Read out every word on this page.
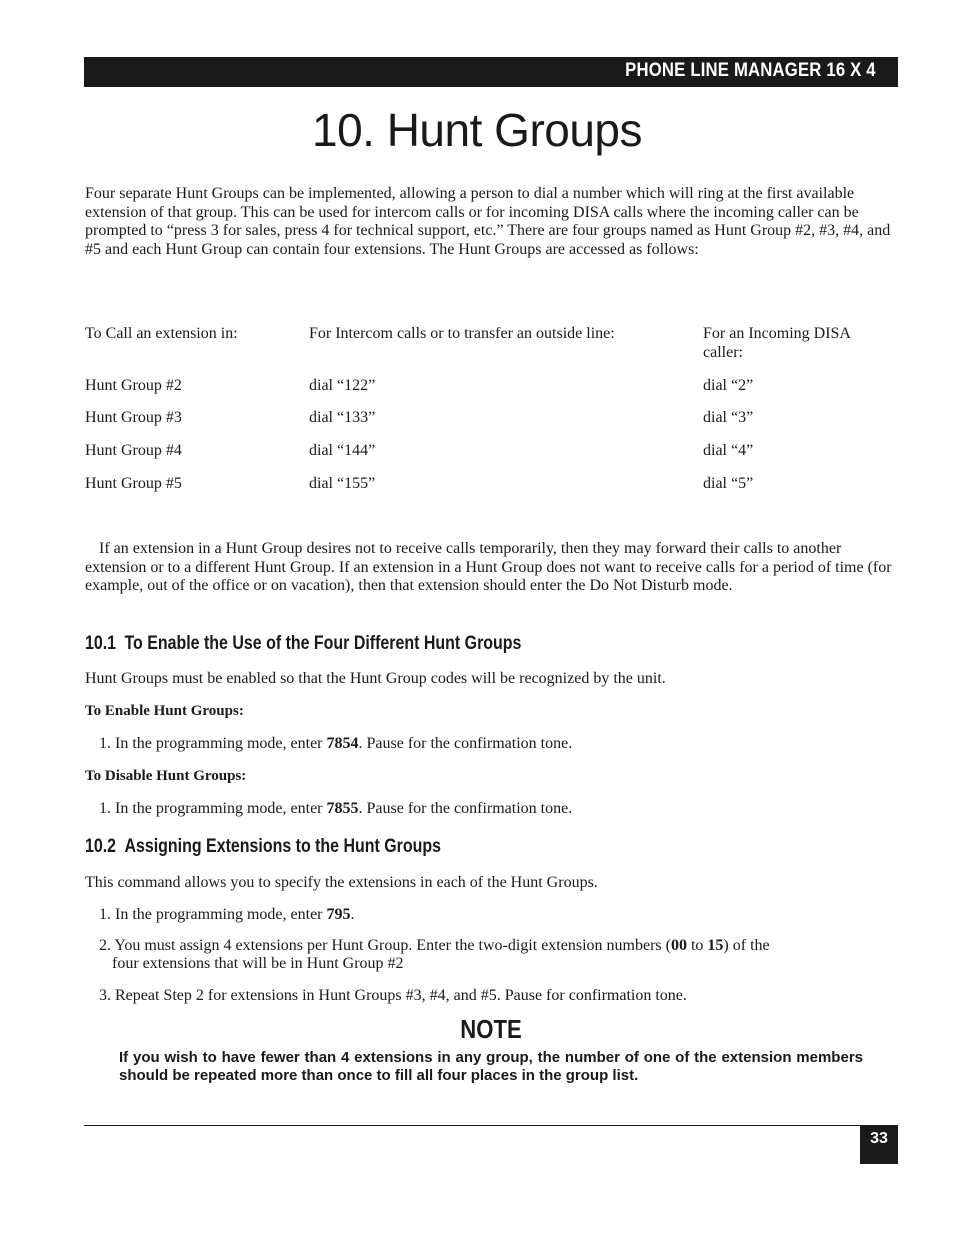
PHONE LINE MANAGER 16 X 4
10. Hunt Groups

Four separate Hunt Groups can be implemented, allowing a person to dial a number which will ring at the first available extension of that group. This can be used for intercom calls or for incoming DISA calls where the incoming caller can be prompted to “press 3 for sales, press 4 for technical support, etc.” There are four groups named as Hunt Group #2, #3, #4, and #5 and each Hunt Group can contain four extensions. The Hunt Groups are accessed as follows:

To Call an extension in:	For Intercom calls or to transfer an outside line:	For an Incoming DISA caller:
Hunt Group #2	dial “122”	dial “2”
Hunt Group #3	dial “133”	dial “3”
Hunt Group #4	dial “144”	dial “4”
Hunt Group #5	dial “155”	dial “5”

If an extension in a Hunt Group desires not to receive calls temporarily, then they may forward their calls to another extension or to a different Hunt Group. If an extension in a Hunt Group does not want to receive calls for a period of time (for example, out of the office or on vacation), then that extension should enter the Do Not Disturb mode.

10.1 To Enable the Use of the Four Different Hunt Groups

Hunt Groups must be enabled so that the Hunt Group codes will be recognized by the unit.

To Enable Hunt Groups:
1. In the programming mode, enter 7854. Pause for the confirmation tone.
To Disable Hunt Groups:
1. In the programming mode, enter 7855. Pause for the confirmation tone.
10.2 Assigning Extensions to the Hunt Groups

This command allows you to specify the extensions in each of the Hunt Groups.

1. In the programming mode, enter 795.
2. You must assign 4 extensions per Hunt Group. Enter the two-digit extension numbers (00 to 15) of the
four extensions that will be in Hunt Group #2
3. Repeat Step 2 for extensions in Hunt Groups #3, #4, and #5. Pause for confirmation tone.
NOTE
If you wish to have fewer than 4 extensions in any group, the number of one of the extension members should be repeated more than once to fill all four places in the group list.
33
